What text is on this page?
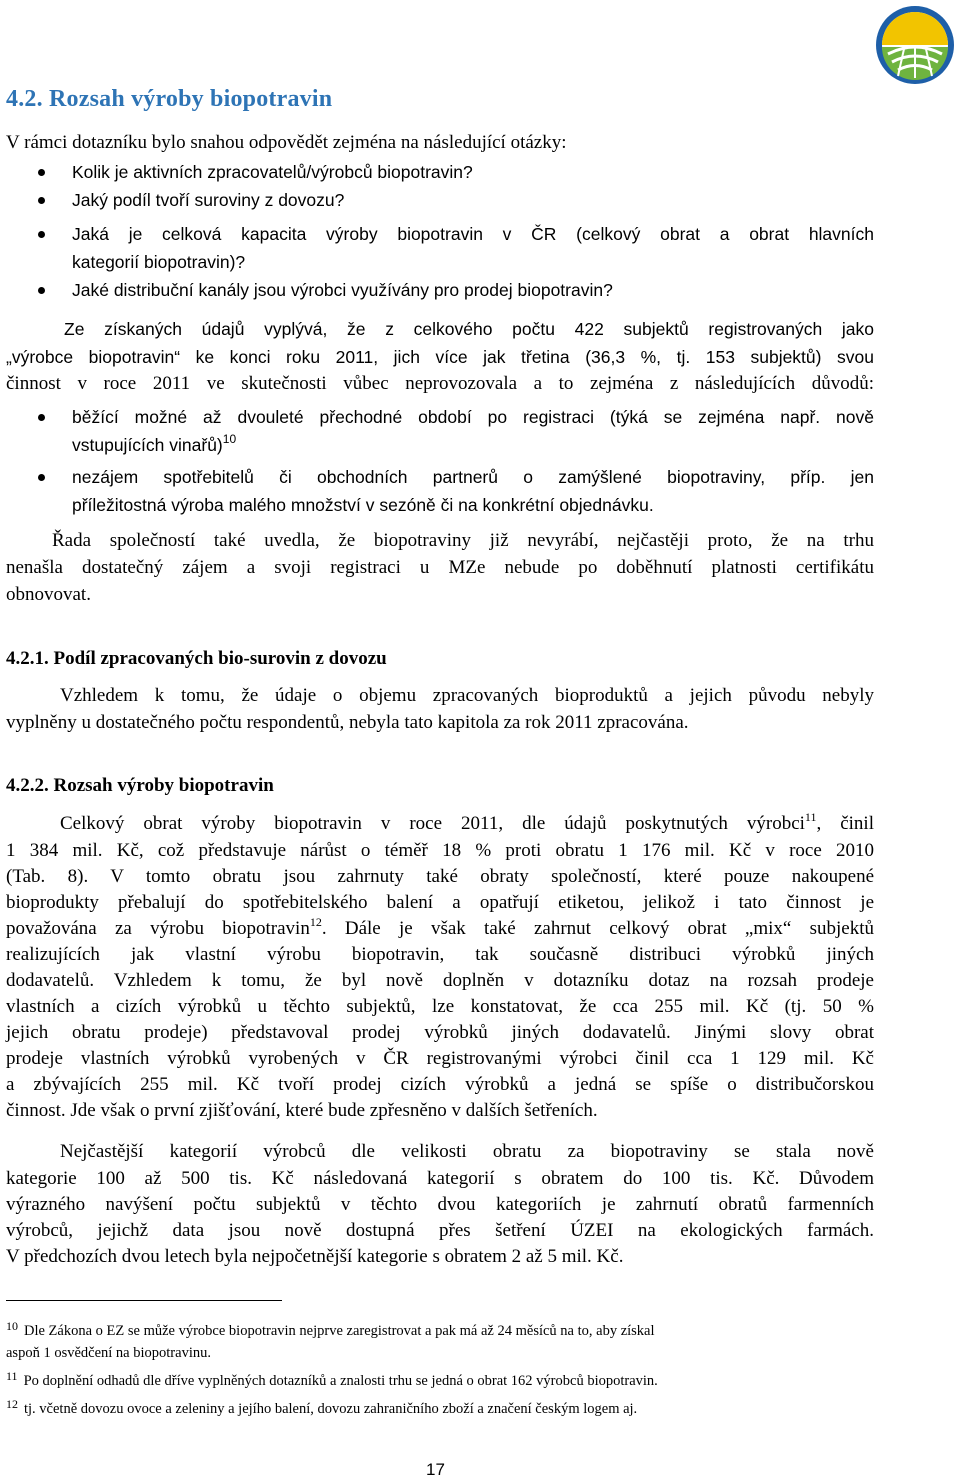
4.2. Rozsah výroby biopotravin
V rámci dotazníku bylo snahou odpovědět zejména na následující otázky:
Kolik je aktivních zpracovatelů/výrobců biopotravin?
Jaký podíl tvoří suroviny z dovozu?
Jaká je celková kapacita výroby biopotravin v ČR (celkový obrat a obrat hlavních
kategorií biopotravin)?
Jaké distribuční kanály jsou výrobci využívány pro prodej biopotravin?
Ze získaných údajů vyplývá, že z celkového počtu 422 subjektů registrovaných jako
„výrobce biopotravin“ ke konci roku 2011, jich více jak třetina (36,3 %, tj. 153 subjektů) svou
činnost v roce 2011 ve skutečnosti vůbec neprovozovala a to zejména z následujících důvodů:
běžící možné až dvouleté přechodné období po registraci (týká se zejména např. nově
vstupujících vinařů)$^{10}$
nezájem spotřebitelů či obchodních partnerů o zamýšlené biopotraviny, příp. jen
příležitostná výroba malého množství v sezóně či na konkrétní objednávku.
Řada společností také uvedla, že biopotraviny již nevyrábí, nejčastěji proto, že na trhu
nenašla dostatečný zájem a svoji registraci u MZe nebude po doběhnutí platnosti certifikátu
obnovovat.
4.2.1. Podíl zpracovaných bio-surovin z dovozu
Vzhledem k tomu, že údaje o objemu zpracovaných bioproduktů a jejich původu nebyly
vyplněny u dostatečného počtu respondentů, nebyla tato kapitola za rok 2011 zpracována.
4.2.2. Rozsah výroby biopotravin
Celkový obrat výroby biopotravin v roce 2011, dle údajů poskytnutých výrobci$^{11}$, činil
1 384 mil. Kč, což představuje nárůst o téměř 18 % proti obratu 1 176 mil. Kč v roce 2010
(Tab. 8). V tomto obratu jsou zahrnuty také obraty společností, které pouze nakoupené
bioprodukty přebalují do spotřebitelského balení a opatřují etiketou, jelikož i tato činnost je
považována za výrobu biopotravin$^{12}$. Dále je však také zahrnut celkový obrat „mix“ subjektů
realizujících jak vlastní výrobu biopotravin, tak současně distribuci výrobků jiných
dodavatelů. Vzhledem k tomu, že byl nově doplněn v dotazníku dotaz na rozsah prodeje
vlastních a cizích výrobků u těchto subjektů, lze konstatovat, že cca 255 mil. Kč (tj. 50 %
jejich obratu prodeje) představoval prodej výrobků jiných dodavatelů. Jinými slovy obrat
prodeje vlastních výrobků vyrobených v ČR registrovanými výrobci činil cca 1 129 mil. Kč
a zbývajících 255 mil. Kč tvoří prodej cizích výrobků a jedná se spíše o distribučorskou
činnost. Jde však o první zjišťování, které bude zpřesněno v dalších šetřeních.
Nejčastější kategorií výrobců dle velikosti obratu za biopotraviny se stala nově
kategorie 100 až 500 tis. Kč následovaná kategorií s obratem do 100 tis. Kč. Důvodem
výrazného navýšení počtu subjektů v těchto dvou kategoriích je zahrnutí obratů farmenních
výrobců, jejichž data jsou nově dostupná přes šetření ÚZEI na ekologických farmách.
V předchozích dvou letech byla nejpočetnější kategorie s obratem 2 až 5 mil. Kč.
$^{10}$ Dle Zákona o EZ se může výrobce biopotravin nejprve zaregistrovat a pak má až 24 měsíců na to, aby získal
aspoň 1 osvědčení na biopotravinu.
$^{11}$ Po doplnění odhadů dle dříve vyplněných dotazníků a znalosti trhu se jedná o obrat 162 výrobců biopotravin.
$^{12}$ tj. včetně dovozu ovoce a zeleniny a jejího balení, dovozu zahraničního zboží a značení českým logem aj.
17
